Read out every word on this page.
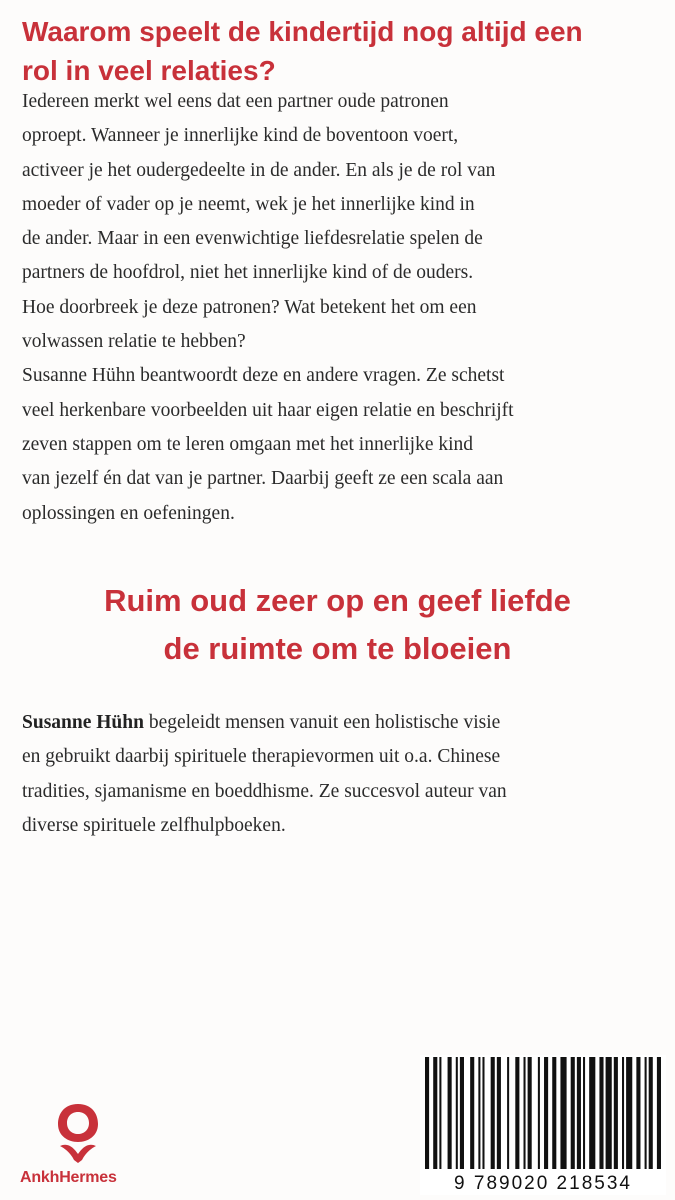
Waarom speelt de kindertijd nog altijd een
rol in veel relaties?
Iedereen merkt wel eens dat een partner oude patronen
oproept. Wanneer je innerlijke kind de boventoon voert,
activeer je het oudergedeelte in de ander. En als je de rol van
moeder of vader op je neemt, wek je het innerlijke kind in
de ander. Maar in een evenwichtige liefdesrelatie spelen de
partners de hoofdrol, niet het innerlijke kind of de ouders.
Hoe doorbreek je deze patronen? Wat betekent het om een
volwassen relatie te hebben?
Susanne Hühn beantwoordt deze en andere vragen. Ze schetst
veel herkenbare voorbeelden uit haar eigen relatie en beschrijft
zeven stappen om te leren omgaan met het innerlijke kind
van jezelf én dat van je partner. Daarbij geeft ze een scala aan
oplossingen en oefeningen.
Ruim oud zeer op en geef liefde
de ruimte om te bloeien
Susanne Hühn begeleidt mensen vanuit een holistische visie
en gebruikt daarbij spirituele therapievormen uit o.a. Chinese
tradities, sjamanisme en boeddhisme. Ze succesvol auteur van
diverse spirituele zelfhulpboeken.
AnkhHermes	9 789020 218534
